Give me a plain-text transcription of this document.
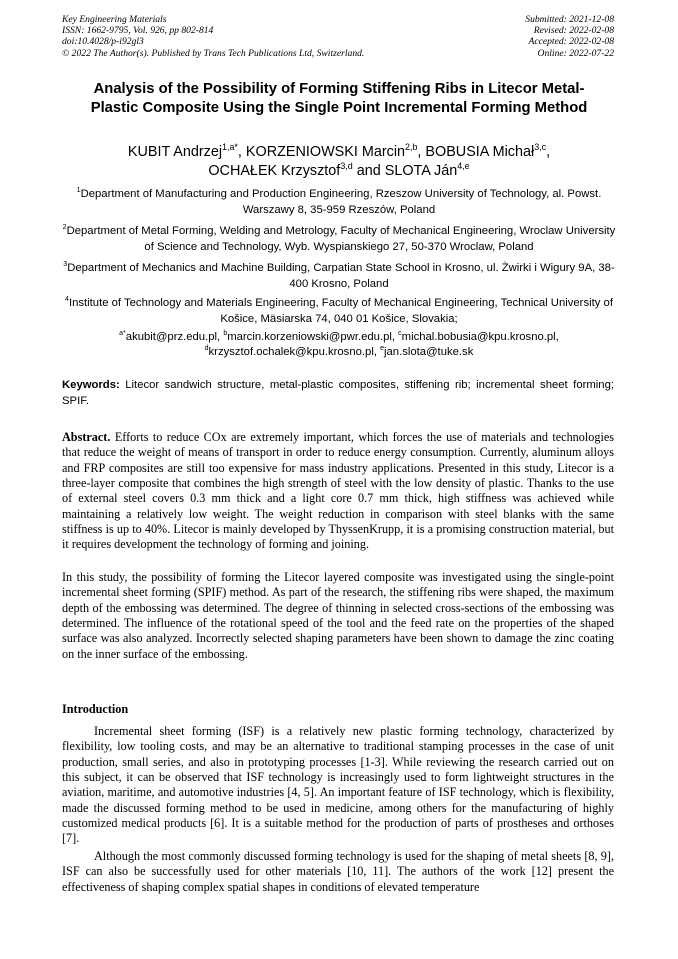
Key Engineering Materials
ISSN: 1662-9795, Vol. 926, pp 802-814
doi:10.4028/p-i92gl3
© 2022 The Author(s). Published by Trans Tech Publications Ltd, Switzerland.
Submitted: 2021-12-08
Revised: 2022-02-08
Accepted: 2022-02-08
Online: 2022-07-22
Analysis of the Possibility of Forming Stiffening Ribs in Litecor Metal-Plastic Composite Using the Single Point Incremental Forming Method
KUBIT Andrzej$^{1,a*}$, KORZENIOWSKI Marcin$^{2,b}$, BOBUSIA Michał$^{3,c}$,
OCHAŁEK Krzysztof$^{3,d}$ and SLOTA Ján$^{4,e}$
$^1$Department of Manufacturing and Production Engineering, Rzeszow University of Technology, al. Powst. Warszawy 8, 35-959 Rzeszów, Poland
$^2$Department of Metal Forming, Welding and Metrology, Faculty of Mechanical Engineering, Wroclaw University of Science and Technology, Wyb. Wyspianskiego 27, 50-370 Wroclaw, Poland
$^3$Department of Mechanics and Machine Building, Carpatian State School in Krosno, ul. Żwirki i Wigury 9A, 38-400 Krosno, Poland
$^4$Institute of Technology and Materials Engineering, Faculty of Mechanical Engineering, Technical University of Košice, Mäsiarska 74, 040 01 Košice, Slovakia;
$^{a*}$akubit@prz.edu.pl, $^b$marcin.korzeniowski@pwr.edu.pl, $^c$michal.bobusia@kpu.krosno.pl,
$^d$krzysztof.ochalek@kpu.krosno.pl, $^e$jan.slota@tuke.sk
Keywords: Litecor sandwich structure, metal-plastic composites, stiffening rib; incremental sheet forming; SPIF.
Abstract. Efforts to reduce COx are extremely important, which forces the use of materials and technologies that reduce the weight of means of transport in order to reduce energy consumption. Currently, aluminum alloys and FRP composites are still too expensive for mass industry applications. Presented in this study, Litecor is a three-layer composite that combines the high strength of steel with the low density of plastic. Thanks to the use of external steel covers 0.3 mm thick and a light core 0.7 mm thick, high stiffness was achieved while maintaining a relatively low weight. The weight reduction in comparison with steel blanks with the same stiffness is up to 40%. Litecor is mainly developed by ThyssenKrupp, it is a promising construction material, but it requires development the technology of forming and joining.
In this study, the possibility of forming the Litecor layered composite was investigated using the single-point incremental sheet forming (SPIF) method. As part of the research, the stiffening ribs were shaped, the maximum depth of the embossing was determined. The degree of thinning in selected cross-sections of the embossing was determined. The influence of the rotational speed of the tool and the feed rate on the properties of the shaped surface was also analyzed. Incorrectly selected shaping parameters have been shown to damage the zinc coating on the inner surface of the embossing.
Introduction
Incremental sheet forming (ISF) is a relatively new plastic forming technology, characterized by flexibility, low tooling costs, and may be an alternative to traditional stamping processes in the case of unit production, small series, and also in prototyping processes [1-3]. While reviewing the research carried out on this subject, it can be observed that ISF technology is increasingly used to form lightweight structures in the aviation, maritime, and automotive industries [4, 5]. An important feature of ISF technology, which is flexibility, made the discussed forming method to be used in medicine, among others for the manufacturing of highly customized medical products [6]. It is a suitable method for the production of parts of prostheses and orthoses [7].
Although the most commonly discussed forming technology is used for the shaping of metal sheets [8, 9], ISF can also be successfully used for other materials [10, 11]. The authors of the work [12] present the effectiveness of shaping complex spatial shapes in conditions of elevated temperature
